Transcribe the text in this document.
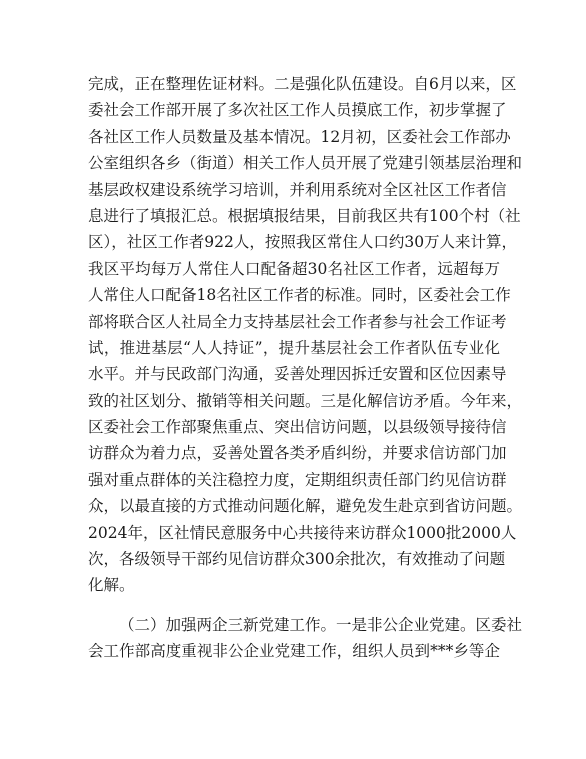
完成，正在整理佐证材料。二是强化队伍建设。自6月以来，区
委社会工作部开展了多次社区工作人员摸底工作，初步掌握了
各社区工作人员数量及基本情况。12月初，区委社会工作部办
公室组织各乡（街道）相关工作人员开展了党建引领基层治理和
基层政权建设系统学习培训，并利用系统对全区社区工作者信
息进行了填报汇总。根据填报结果，目前我区共有100个村（社
区），社区工作者922人，按照我区常住人口约30万人来计算，
我区平均每万人常住人口配备超30名社区工作者，远超每万
人常住人口配备18名社区工作者的标准。同时，区委社会工作
部将联合区人社局全力支持基层社会工作者参与社会工作证考
试，推进基层“人人持证”，提升基层社会工作者队伍专业化
水平。并与民政部门沟通，妥善处理因拆迁安置和区位因素导
致的社区划分、撤销等相关问题。三是化解信访矛盾。今年来，
区委社会工作部聚焦重点、突出信访问题，以县级领导接待信
访群众为着力点，妥善处置各类矛盾纠纷，并要求信访部门加
强对重点群体的关注稳控力度，定期组织责任部门约见信访群
众，以最直接的方式推动问题化解，避免发生赴京到省访问题。
2024年，区社情民意服务中心共接待来访群众1000批2000人
次，各级领导干部约见信访群众300余批次，有效推动了问题
化解。
（二）加强两企三新党建工作。一是非公企业党建。区委社
会工作部高度重视非公企业党建工作，组织人员到***乡等企
